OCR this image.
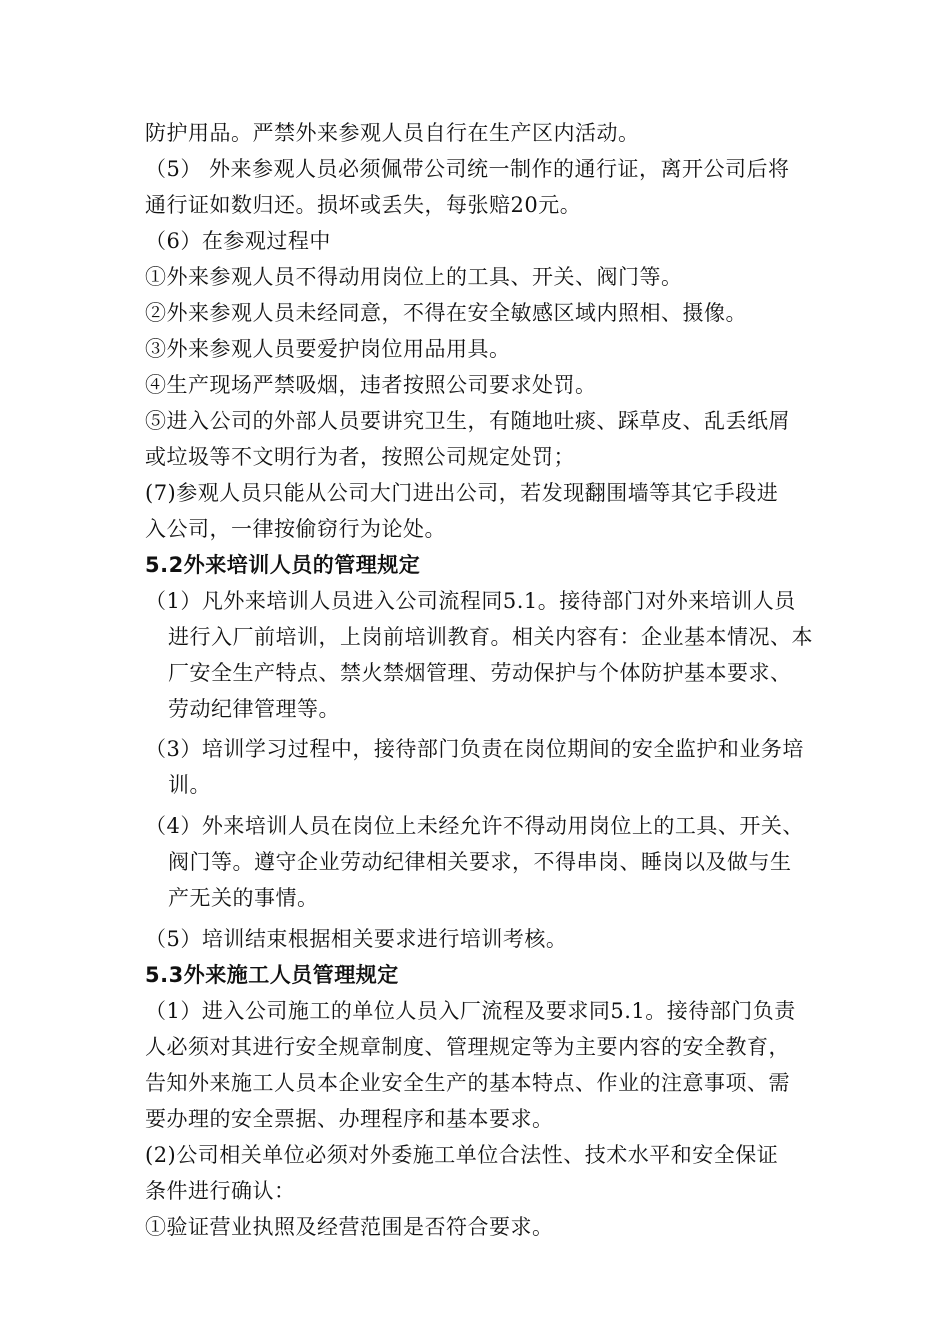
防护用品。严禁外来参观人员自行在生产区内活动。
（5） 外来参观人员必须佩带公司统一制作的通行证，离开公司后将
通行证如数归还。损坏或丢失，每张赔20元。
（6）在参观过程中
①外来参观人员不得动用岗位上的工具、开关、阀门等。
②外来参观人员未经同意，不得在安全敏感区域内照相、摄像。
③外来参观人员要爱护岗位用品用具。
④生产现场严禁吸烟，违者按照公司要求处罚。
⑤进入公司的外部人员要讲究卫生，有随地吐痰、踩草皮、乱丢纸屑
或垃圾等不文明行为者，按照公司规定处罚；
(7)参观人员只能从公司大门进出公司，若发现翻围墙等其它手段进
入公司，一律按偷窃行为论处。
5.2外来培训人员的管理规定
（1）凡外来培训人员进入公司流程同5.1。接待部门对外来培训人员
进行入厂前培训，上岗前培训教育。相关内容有：企业基本情况、本
厂安全生产特点、禁火禁烟管理、劳动保护与个体防护基本要求、
劳动纪律管理等。
（3）培训学习过程中，接待部门负责在岗位期间的安全监护和业务培
训。
（4）外来培训人员在岗位上未经允许不得动用岗位上的工具、开关、
阀门等。遵守企业劳动纪律相关要求，不得串岗、睡岗以及做与生
产无关的事情。
（5）培训结束根据相关要求进行培训考核。
5.3外来施工人员管理规定
（1）进入公司施工的单位人员入厂流程及要求同5.1。接待部门负责
人必须对其进行安全规章制度、管理规定等为主要内容的安全教育，
告知外来施工人员本企业安全生产的基本特点、作业的注意事项、需
要办理的安全票据、办理程序和基本要求。
(2)公司相关单位必须对外委施工单位合法性、技术水平和安全保证
条件进行确认：
①验证营业执照及经营范围是否符合要求。
